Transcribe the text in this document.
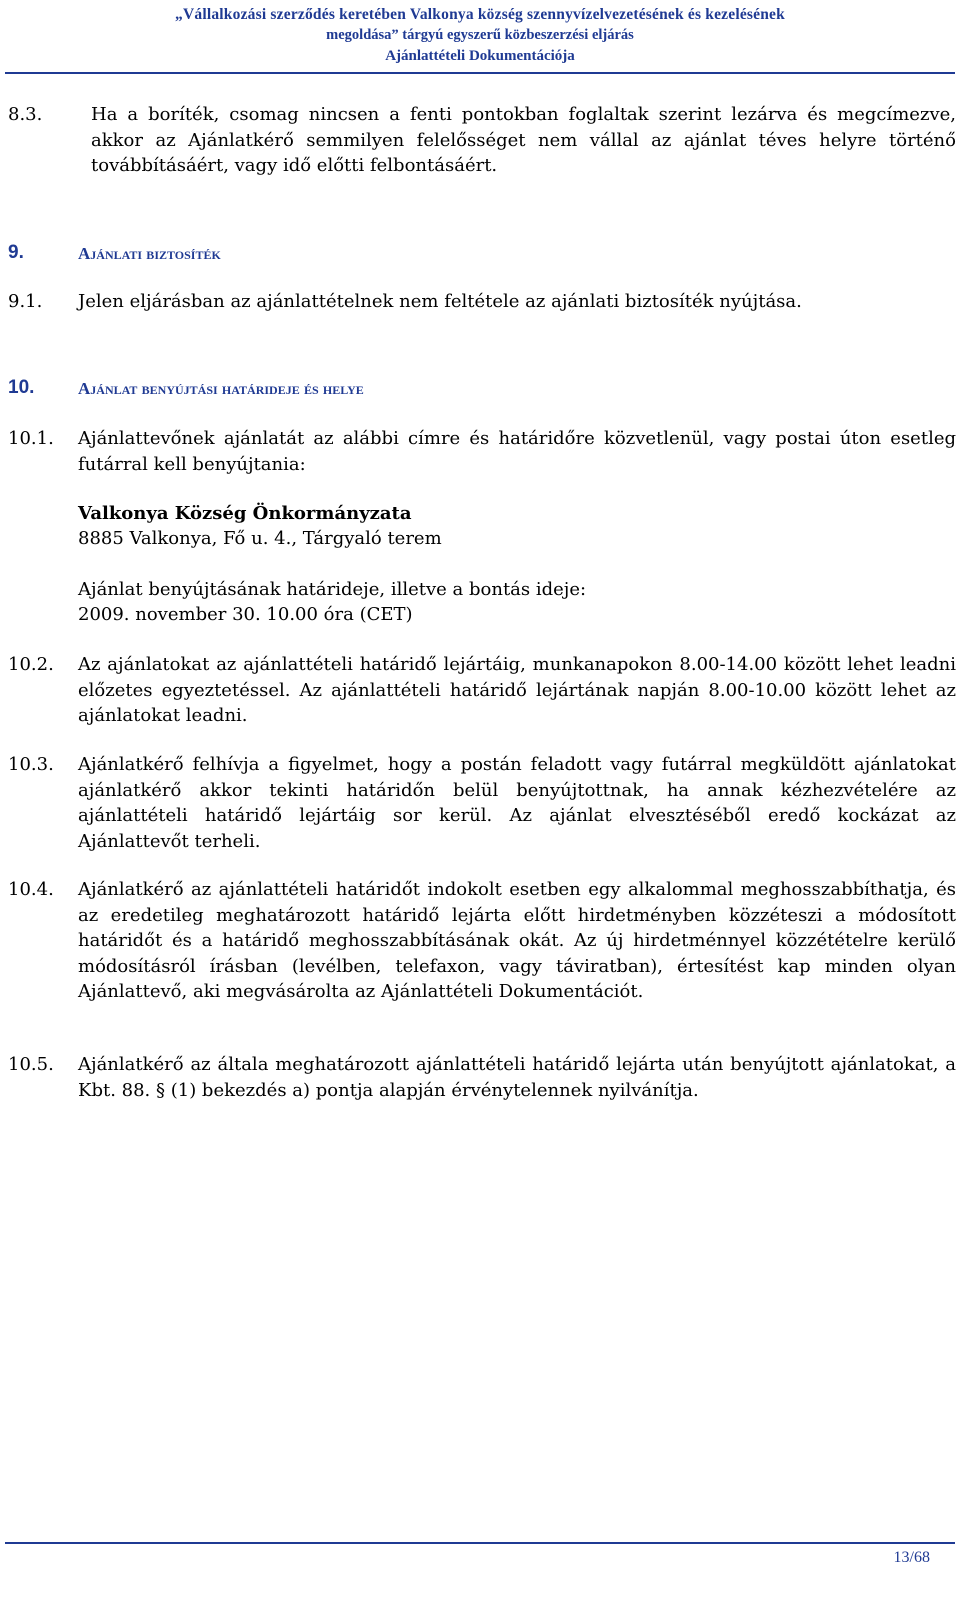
„Vállalkozási szerződés keretében Valkonya község szennyvízelvezetésének és kezelésének
megoldása” tárgyú egyszerű közbeszerzési eljárás
Ajánlattételi Dokumentációja
8.3.	Ha a boríték, csomag nincsen a fenti pontokban foglaltak szerint lezárva és megcímezve, akkor az Ajánlatkérő semmilyen felelősséget nem vállal az ajánlat téves helyre történő továbbításáért, vagy idő előtti felbontásáért.
9.	Ajánlati biztosíték
9.1. Jelen eljárásban az ajánlattételnek nem feltétele az ajánlati biztosíték nyújtása.
10.	Ajánlat benyújtási határideje és helye
10.1. Ajánlattevőnek ajánlatát az alábbi címre és határidőre közvetlenül, vagy postai úton esetleg futárral kell benyújtania:
Valkonya Község Önkormányzata
8885 Valkonya, Fő u. 4., Tárgyaló terem
Ajánlat benyújtásának határideje, illetve a bontás ideje:
2009. november 30. 10.00 óra (CET)
10.2. Az ajánlatokat az ajánlattételi határidő lejártáig, munkanapokon 8.00-14.00 között lehet leadni előzetes egyeztetéssel. Az ajánlattételi határidő lejártának napján 8.00-10.00 között lehet az ajánlatokat leadni.
10.3. Ajánlatkérő felhívja a figyelmet, hogy a postán feladott vagy futárral megküldött ajánlatokat ajánlatkérő akkor tekinti határidőn belül benyújtottnak, ha annak kézhezvételére az ajánlattételi határidő lejártáig sor kerül. Az ajánlat elvesztéséből eredő kockázat az Ajánlattevőt terheli.
10.4. Ajánlatkérő az ajánlattételi határidőt indokolt esetben egy alkalommal meghosszabbíthatja, és az eredetileg meghatározott határidő lejárta előtt hirdetményben közzéteszi a módosított határidőt és a határidő meghosszabbításának okát. Az új hirdetménnyel közzétételre kerülő módosításról írásban (levélben, telefaxon, vagy táviratban), értesítést kap minden olyan Ajánlattevő, aki megvásárolta az Ajánlattételi Dokumentációt.
10.5. Ajánlatkérő az általa meghatározott ajánlattételi határidő lejárta után benyújtott ajánlatokat, a Kbt. 88. § (1) bekezdés a) pontja alapján érvénytelennek nyilvánítja.
13/68
